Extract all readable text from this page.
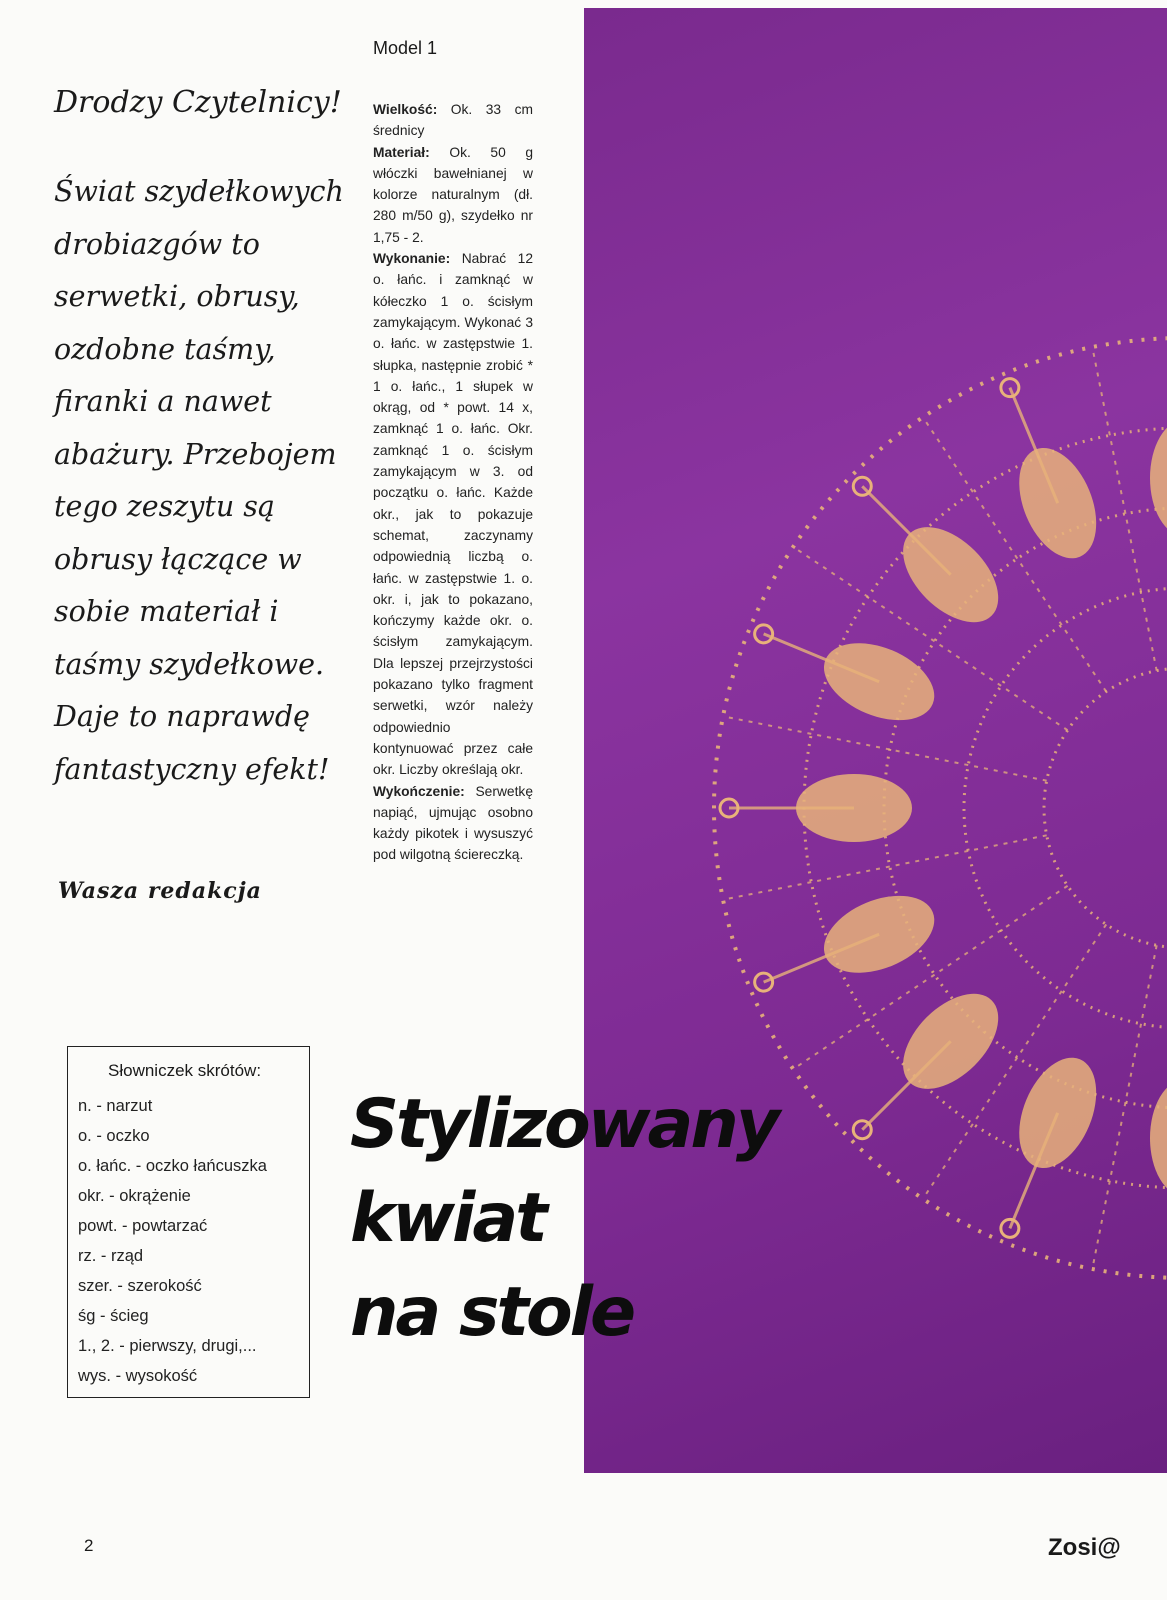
Drodzy Czytelnicy!

Świat szydełkowych drobiazgów to serwetki, obrusy, ozdobne taśmy, firanki a nawet abażury. Przebojem tego zeszytu są obrusy łączące w sobie materiał i taśmy szydełkowe. Daje to naprawdę fantastyczny efekt!

Wasza redakcja
Model 1

Wielkość: Ok. 33 cm średnicy
Materiał: Ok. 50 g włóczki bawełnianej w kolorze naturalnym (dł. 280 m/50 g), szydełko nr 1,75 - 2.
Wykonanie: Nabrać 12 o. łańc. i zamknąć w kółeczko 1 o. ścisłym zamykającym. Wykonać 3 o. łańc. w zastępstwie 1. słupka, następnie zrobić * 1 o. łańc., 1 słupek w okrąg, od * powt. 14 x, zamknąć 1 o. łańc. Okr. zamknąć 1 o. ścisłym zamykającym w 3. od początku o. łańc. Każde okr., jak to pokazuje schemat, zaczynamy odpowiednią liczbą o. łańc. w zastępstwie 1. o. okr. i, jak to pokazano, kończymy każde okr. o. ścisłym zamykającym. Dla lepszej przejrzystości pokazano tylko fragment serwetki, wzór należy odpowiednio kontynuować przez całe okr. Liczby określają okr.
Wykończenie: Serwetkę napiąć, ujmując osobno każdy pikotek i wysuszyć pod wilgotną ściereczką.

Słowniczek skrótów:
n. - narzut
o. - oczko
o. łańc. - oczko łańcuszka
okr. - okrążenie
powt. - powtarzać
rz. - rząd
szer. - szerokość
śg - ścieg
1., 2. - pierwszy, drugi,...
wys. - wysokość
Stylizowany
kwiat
na stole
2	Zosi@
